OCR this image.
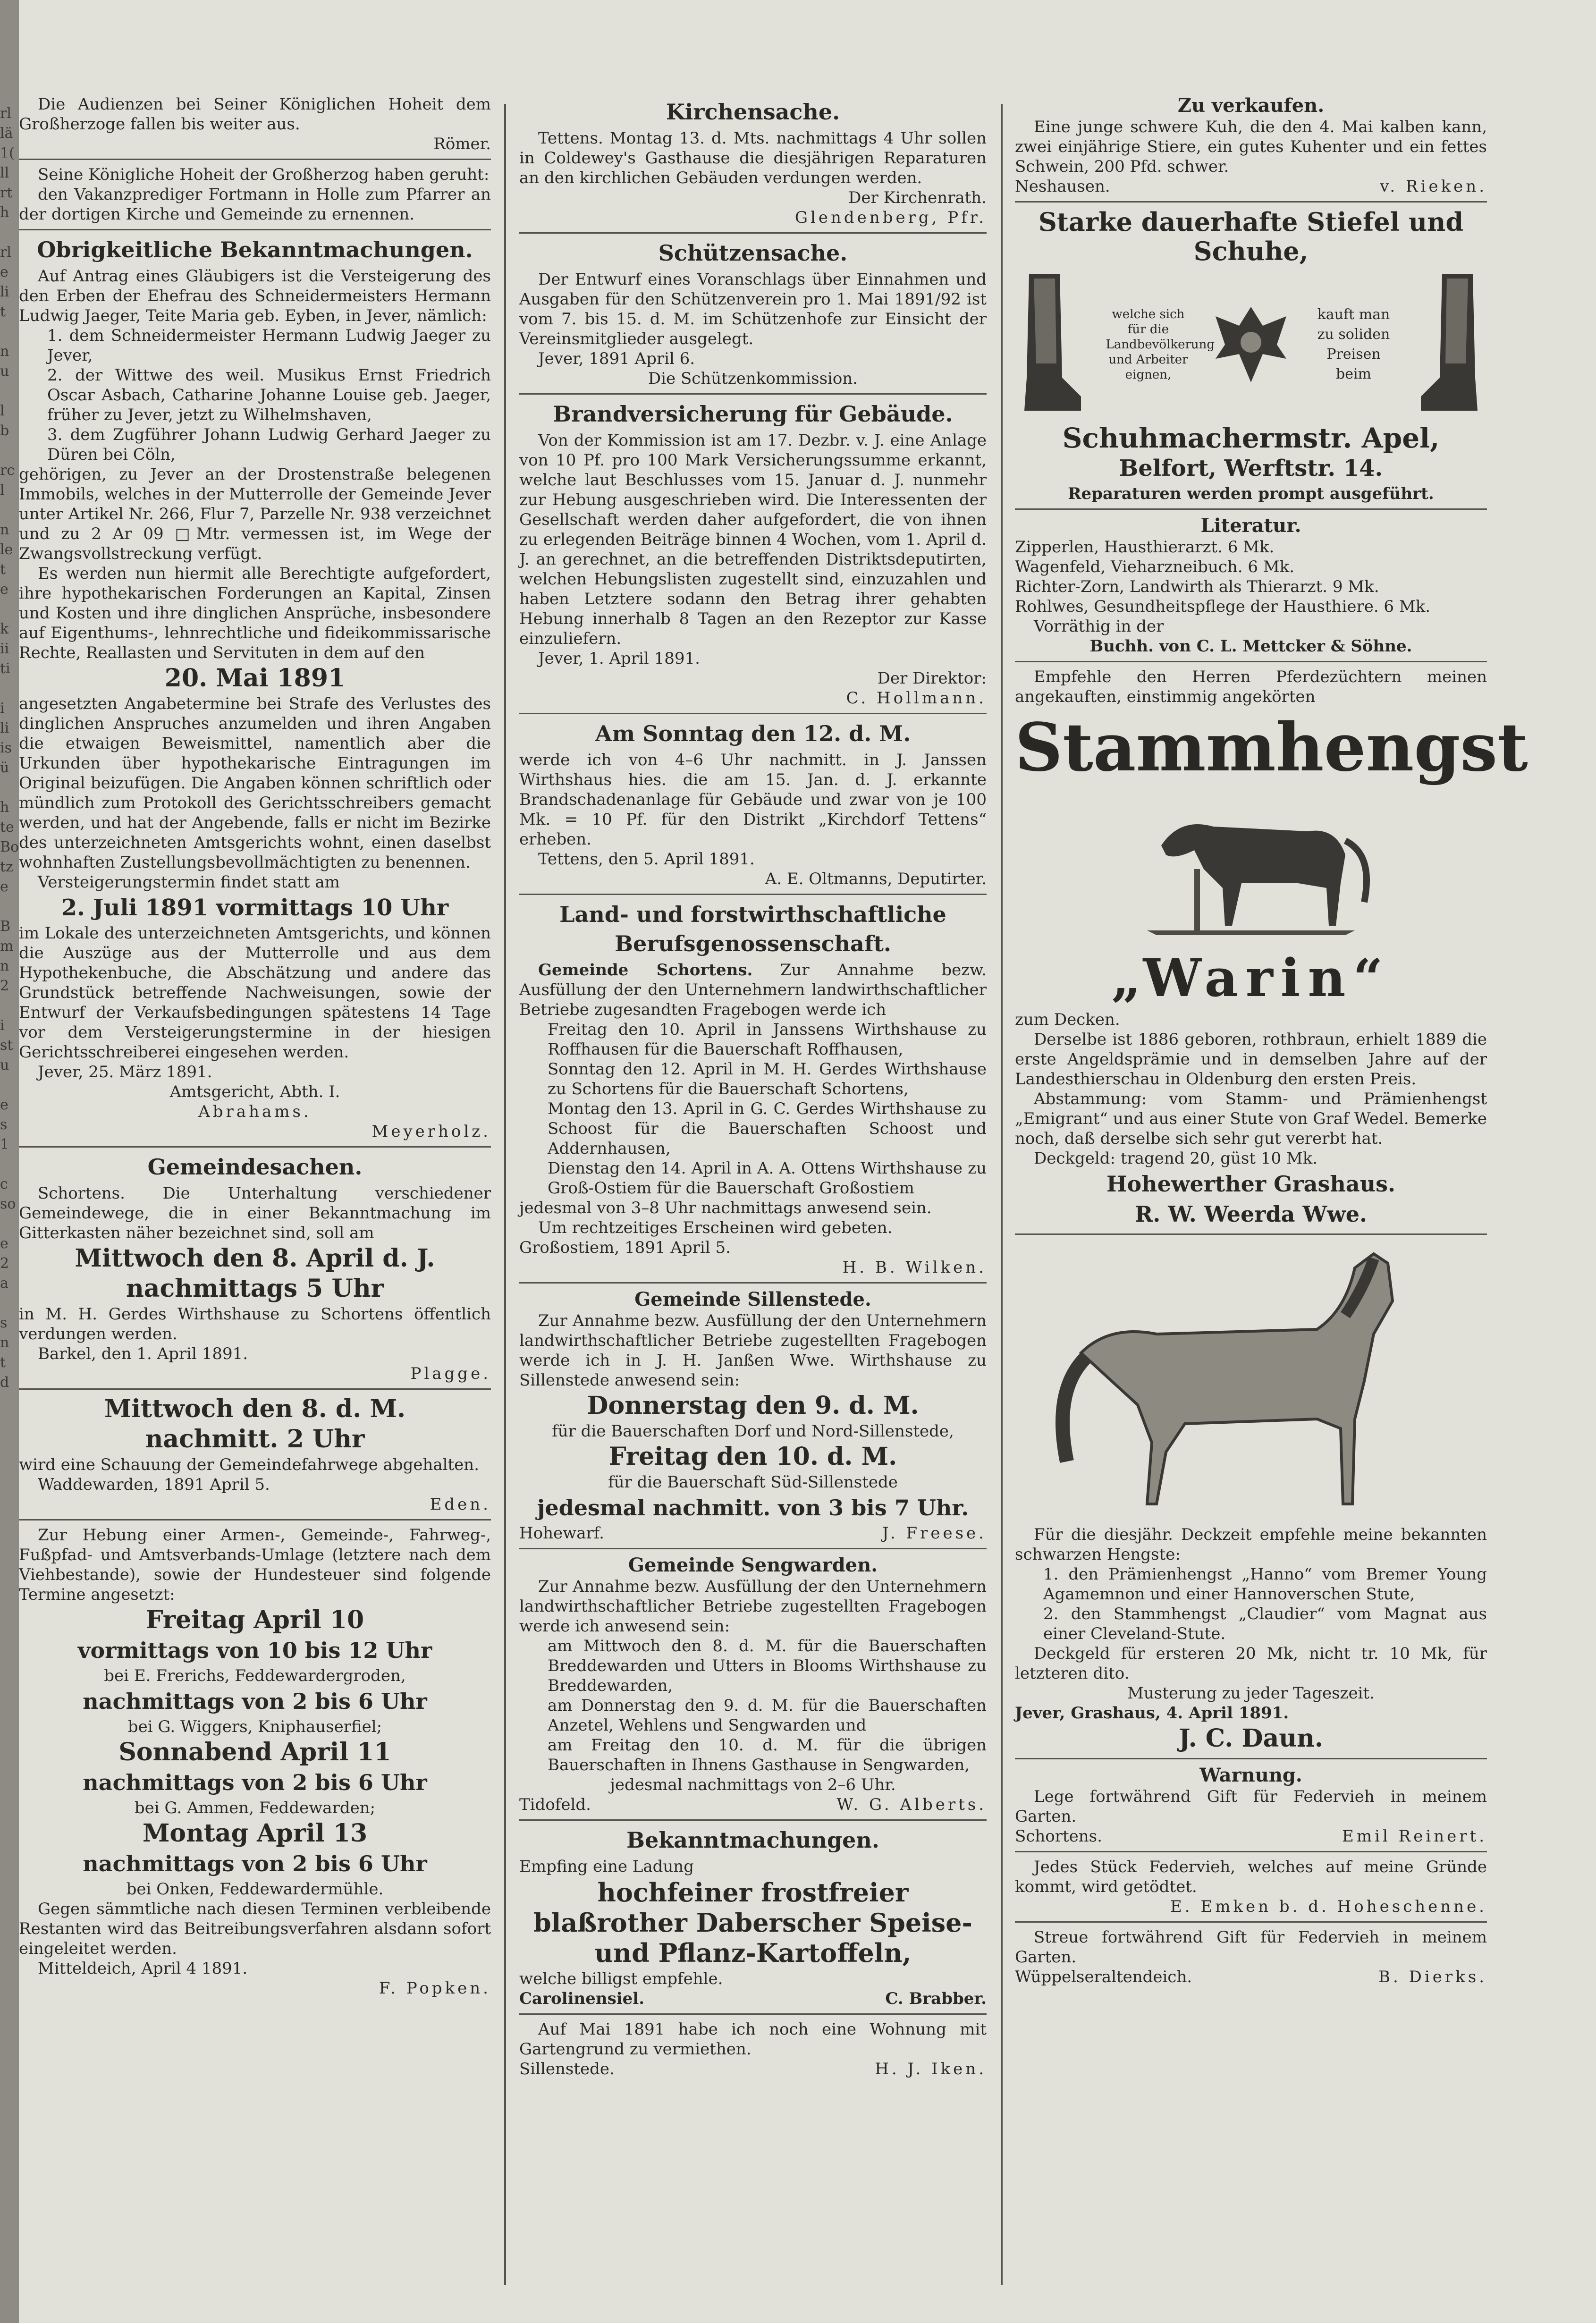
rl
lä
1(
ll
rt
h

rl
e
li
t

n
u

l
b

rc
l

n
le
t
e

k
ii
ti

i
li
is
ü

h
te
Bo
tz
e

B
m
n
2

i
st
u

e
s
1

c
so

e
2
a

s
n
t
d

Die Audienzen bei Seiner Königlichen Hoheit dem Großherzoge fallen bis weiter aus.

Römer.

Seine Königliche Hoheit der Großherzog haben geruht:

den Vakanzprediger Fortmann in Holle zum Pfarrer an der dortigen Kirche und Gemeinde zu ernennen.

Obrigkeitliche Bekanntmachungen.

Auf Antrag eines Gläubigers ist die Versteigerung des den Erben der Ehefrau des Schneidermeisters Hermann Ludwig Jaeger, Teite Maria geb. Eyben, in Jever, nämlich:

1. dem Schneidermeister Hermann Ludwig Jaeger zu Jever,

2. der Wittwe des weil. Musikus Ernst Friedrich Oscar Asbach, Catharine Johanne Louise geb. Jaeger, früher zu Jever, jetzt zu Wilhelmshaven,

3. dem Zugführer Johann Ludwig Gerhard Jaeger zu Düren bei Cöln,

gehörigen, zu Jever an der Drostenstraße belegenen Immobils, welches in der Mutterrolle der Gemeinde Jever unter Artikel Nr. 266, Flur 7, Parzelle Nr. 938 verzeichnet und zu 2 Ar 09 □Mtr. vermessen ist, im Wege der Zwangsvollstreckung verfügt.

Es werden nun hiermit alle Berechtigte aufgefordert, ihre hypothekarischen Forderungen an Kapital, Zinsen und Kosten und ihre dinglichen Ansprüche, insbesondere auf Eigenthums-, lehnrechtliche und fideikommissarische Rechte, Reallasten und Servituten in dem auf den

20. Mai 1891

angesetzten Angabetermine bei Strafe des Verlustes des dinglichen Anspruches anzumelden und ihren Angaben die etwaigen Beweismittel, namentlich aber die Urkunden über hypothekarische Eintragungen im Original beizufügen. Die Angaben können schriftlich oder mündlich zum Protokoll des Gerichtsschreibers gemacht werden, und hat der Angebende, falls er nicht im Bezirke des unterzeichneten Amtsgerichts wohnt, einen daselbst wohnhaften Zustellungsbevollmächtigten zu benennen.

Versteigerungstermin findet statt am

2. Juli 1891 vormittags 10 Uhr

im Lokale des unterzeichneten Amtsgerichts, und können die Auszüge aus der Mutterrolle und aus dem Hypothekenbuche, die Abschätzung und andere das Grundstück betreffende Nachweisungen, sowie der Entwurf der Verkaufsbedingungen spätestens 14 Tage vor dem Versteigerungstermine in der hiesigen Gerichtsschreiberei eingesehen werden.

Jever, 25. März 1891.

Amtsgericht, Abth. I.

Abrahams.

Meyerholz.

Gemeindesachen.

Schortens. Die Unterhaltung verschiedener Gemeindewege, die in einer Bekanntmachung im Gitterkasten näher bezeichnet sind, soll am

Mittwoch den 8. April d. J.
nachmittags 5 Uhr

in M. H. Gerdes Wirthshause zu Schortens öffentlich verdungen werden.

Barkel, den 1. April 1891.

Plagge.

Mittwoch den 8. d. M.
nachmitt. 2 Uhr

wird eine Schauung der Gemeindefahrwege abgehalten.

Waddewarden, 1891 April 5.

Eden.

Zur Hebung einer Armen-, Gemeinde-, Fahrweg-, Fußpfad- und Amtsverbands-Umlage (letztere nach dem Viehbestande), sowie der Hundesteuer sind folgende Termine angesetzt:

Freitag April 10
vormittags von 10 bis 12 Uhr

bei E. Frerichs, Feddewardergroden,

nachmittags von 2 bis 6 Uhr

bei G. Wiggers, Kniphauserfiel;

Sonnabend April 11
nachmittags von 2 bis 6 Uhr

bei G. Ammen, Feddewarden;

Montag April 13
nachmittags von 2 bis 6 Uhr

bei Onken, Feddewardermühle.

Gegen sämmtliche nach diesen Terminen verbleibende Restanten wird das Beitreibungsverfahren alsdann sofort eingeleitet werden.

Mitteldeich, April 4 1891.

F. Popken.

Kirchensache.

Tettens. Montag 13. d. Mts. nachmittags 4 Uhr sollen in Coldewey's Gasthause die diesjährigen Reparaturen an den kirchlichen Gebäuden verdungen werden.

Der Kirchenrath.

Glendenberg, Pfr.

Schützensache.

Der Entwurf eines Voranschlags über Einnahmen und Ausgaben für den Schützenverein pro 1. Mai 1891/92 ist vom 7. bis 15. d. M. im Schützenhofe zur Einsicht der Vereinsmitglieder ausgelegt.

Jever, 1891 April 6.

Die Schützenkommission.

Brandversicherung für Gebäude.

Von der Kommission ist am 17. Dezbr. v. J. eine Anlage von 10 Pf. pro 100 Mark Versicherungssumme erkannt, welche laut Beschlusses vom 15. Januar d. J. nunmehr zur Hebung ausgeschrieben wird. Die Interessenten der Gesellschaft werden daher aufgefordert, die von ihnen zu erlegenden Beiträge binnen 4 Wochen, vom 1. April d. J. an gerechnet, an die betreffenden Distriktsdeputirten, welchen Hebungslisten zugestellt sind, einzuzahlen und haben Letztere sodann den Betrag ihrer gehabten Hebung innerhalb 8 Tagen an den Rezeptor zur Kasse einzuliefern.

Jever, 1. April 1891.

Der Direktor:

C. Hollmann.

Am Sonntag den 12. d. M.

werde ich von 4–6 Uhr nachmitt. in J. Janssen Wirthshaus hies. die am 15. Jan. d. J. erkannte Brandschadenanlage für Gebäude und zwar von je 100 Mk. = 10 Pf. für den Distrikt „Kirchdorf Tettens“ erheben.

Tettens, den 5. April 1891.

A. E. Oltmanns, Deputirter.

Land- und forstwirthschaftliche Berufsgenossenschaft.

Gemeinde Schortens. Zur Annahme bezw. Ausfüllung der den Unternehmern landwirthschaftlicher Betriebe zugesandten Fragebogen werde ich

Freitag den 10. April in Janssens Wirthshause zu Roffhausen für die Bauerschaft Roffhausen,

Sonntag den 12. April in M. H. Gerdes Wirthshause zu Schortens für die Bauerschaft Schortens,

Montag den 13. April in G. C. Gerdes Wirthshause zu Schoost für die Bauerschaften Schoost und Addernhausen,

Dienstag den 14. April in A. A. Ottens Wirthshause zu Groß-Ostiem für die Bauerschaft Großostiem

jedesmal von 3–8 Uhr nachmittags anwesend sein.

Um rechtzeitiges Erscheinen wird gebeten.

Großostiem, 1891 April 5.

H. B. Wilken.

Gemeinde Sillenstede.

Zur Annahme bezw. Ausfüllung der den Unternehmern landwirthschaftlicher Betriebe zugestellten Fragebogen werde ich in J. H. Janßen Wwe. Wirthshause zu Sillenstede anwesend sein:

Donnerstag den 9. d. M.

für die Bauerschaften Dorf und Nord-Sillenstede,

Freitag den 10. d. M.

für die Bauerschaft Süd-Sillenstede

jedesmal nachmitt. von 3 bis 7 Uhr.
Hohewarf.	J. Freese.
Gemeinde Sengwarden.

Zur Annahme bezw. Ausfüllung der den Unternehmern landwirthschaftlicher Betriebe zugestellten Fragebogen werde ich anwesend sein:

am Mittwoch den 8. d. M. für die Bauerschaften Breddewarden und Utters in Blooms Wirthshause zu Breddewarden,

am Donnerstag den 9. d. M. für die Bauerschaften Anzetel, Wehlens und Sengwarden und

am Freitag den 10. d. M. für die übrigen Bauerschaften in Ihnens Gasthause in Sengwarden,

jedesmal nachmittags von 2–6 Uhr.

Tidofeld.	W. G. Alberts.
Bekanntmachungen.

Empfing eine Ladung

hochfeiner frostfreier blaßrother Daberscher Speise- und Pflanz-Kartoffeln,

welche billigst empfehle.

Carolinensiel.	C. Brabber.

Auf Mai 1891 habe ich noch eine Wohnung mit Gartengrund zu vermiethen.

Sillenstede.	H. J. Iken.
Zu verkaufen.

Eine junge schwere Kuh, die den 4. Mai kalben kann, zwei einjährige Stiere, ein gutes Kuhenter und ein fettes Schwein, 200 Pfd. schwer.

Neshausen.	v. Rieken.
Starke dauerhafte Stiefel und Schuhe,

welche sich für die Landbevölkerung und Arbeiter eignen,

kauft man zu soliden Preisen beim

Schuhmachermstr. Apel,
Belfort, Werftstr. 14.

Reparaturen werden prompt ausgeführt.

Literatur.

Zipperlen, Hausthierarzt. 6 Mk.

Wagenfeld, Vieharzneibuch. 6 Mk.

Richter-Zorn, Landwirth als Thierarzt. 9 Mk.

Rohlwes, Gesundheitspflege der Hausthiere. 6 Mk.

Vorräthig in der

Buchh. von C. L. Mettcker & Söhne.

Empfehle den Herren Pferdezüchtern meinen angekauften, einstimmig angekörten

Stammhengst
„Warin“

zum Decken.

Derselbe ist 1886 geboren, rothbraun, erhielt 1889 die erste Angeldsprämie und in demselben Jahre auf der Landesthierschau in Oldenburg den ersten Preis.

Abstammung: vom Stamm- und Prämienhengst „Emigrant“ und aus einer Stute von Graf Wedel. Bemerke noch, daß derselbe sich sehr gut vererbt hat.

Deckgeld: tragend 20, güst 10 Mk.

Hohewerther Grashaus.
R. W. Weerda Wwe.

Für die diesjähr. Deckzeit empfehle meine bekannten schwarzen Hengste:

1. den Prämienhengst „Hanno“ vom Bremer Young Agamemnon und einer Hannoverschen Stute,

2. den Stammhengst „Claudier“ vom Magnat aus einer Cleveland-Stute.

Deckgeld für ersteren 20 Mk, nicht tr. 10 Mk, für letzteren dito.

Musterung zu jeder Tageszeit.

Jever, Grashaus, 4. April 1891.

J. C. Daun.
Warnung.

Lege fortwährend Gift für Federvieh in meinem Garten.

Schortens.	Emil Reinert.

Jedes Stück Federvieh, welches auf meine Gründe kommt, wird getödtet.

E. Emken b. d. Hoheschenne.

Streue fortwährend Gift für Federvieh in meinem Garten.

Wüppelseraltendeich.	B. Dierks.
